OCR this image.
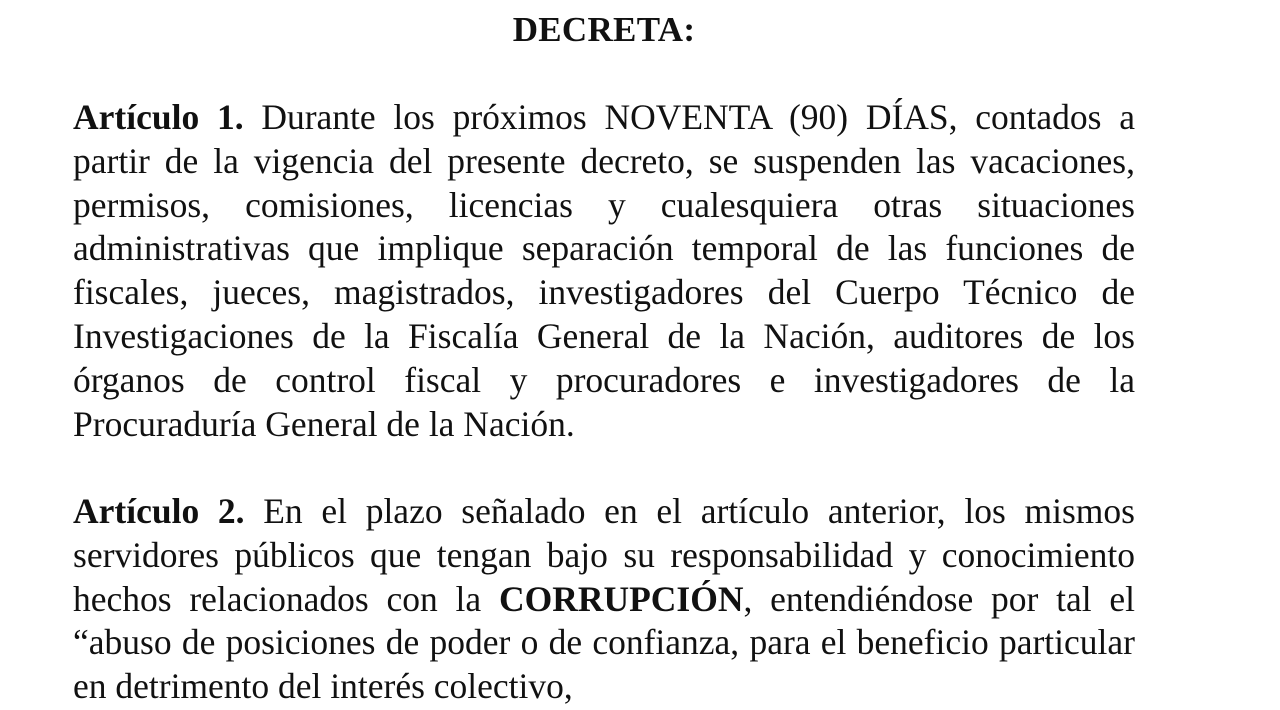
DECRETA:

Artículo 1. Durante los próximos NOVENTA (90) DÍAS, contados a partir de la vigencia del presente decreto, se suspenden las vacaciones, permisos, comisiones, licencias y cualesquiera otras situaciones administrativas que implique separación temporal de las funciones de fiscales, jueces, magistrados, investigadores del Cuerpo Técnico de Investigaciones de la Fiscalía General de la Nación, auditores de los órganos de control fiscal y procuradores e investigadores de la Procuraduría General de la Nación.

Artículo 2. En el plazo señalado en el artículo anterior, los mismos servidores públicos que tengan bajo su responsabilidad y conocimiento hechos relacionados con la CORRUPCIÓN, entendiéndose por tal el “abuso de posiciones de poder o de confianza, para el beneficio particular en detrimento del interés colectivo,
